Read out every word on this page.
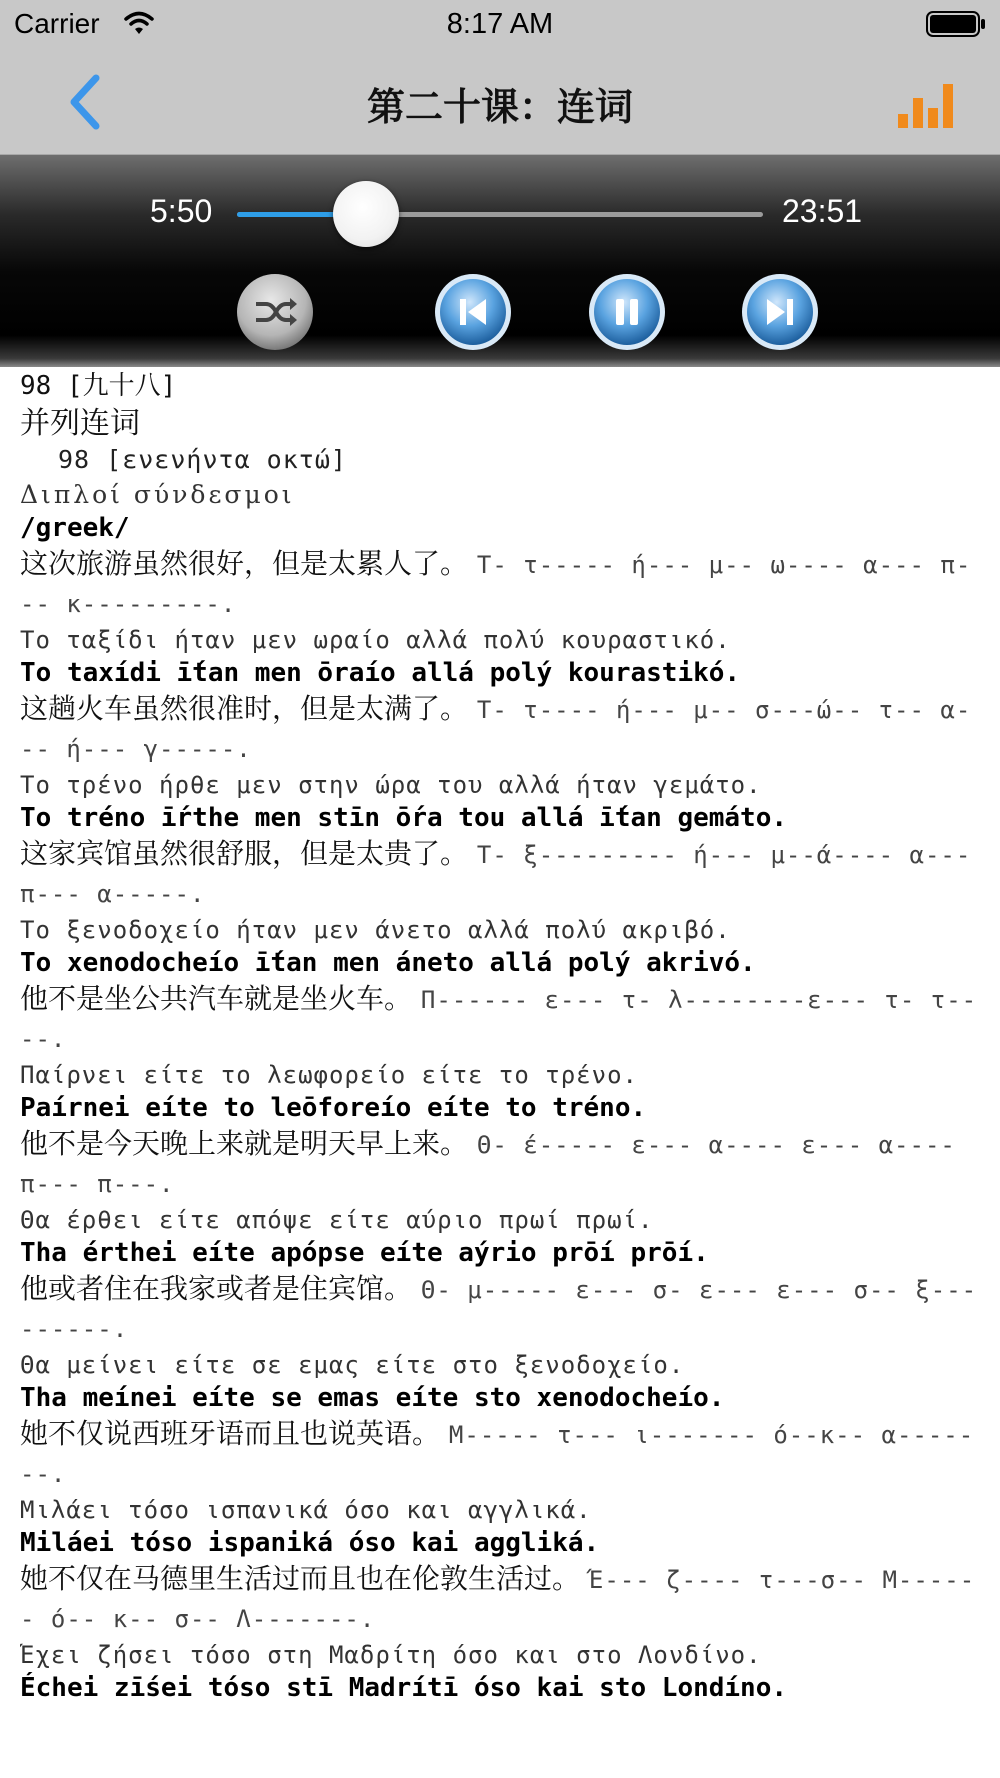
Carrier	8:17 AM
第二十课：连词
5:50	23:51
98 [九十八]
并列连词
98 [ενενήντα οκτώ]
Διπλοί σύνδεσμοι
/greek/
这次旅游虽然很好，但是太累人了。 Τ- τ----- ή--- μ-- ω---- α--- π--- κ---------.
Το ταξίδι ήταν μεν ωραίο αλλά πολύ κουραστικό.
To taxídi ī́tan men ōraío allá polý kourastikó.
这趟火车虽然很准时，但是太满了。 Τ- τ---- ή--- μ-- σ---ώ-- τ-- α--- ή--- γ-----.
Το τρένο ήρθε μεν στην ώρα του αλλά ήταν γεμάτο.
To tréno ī́rthe men stīn ṓra tou allá ī́tan gemáto.
这家宾馆虽然很舒服，但是太贵了。 Τ- ξ--------- ή--- μ--ά---- α--- π--- α-----.
Το ξενοδοχείο ήταν μεν άνετο αλλά πολύ ακριβό.
To xenodocheío ī́tan men áneto allá polý akrivó.
他不是坐公共汽车就是坐火车。 Π------ ε--- τ- λ--------ε--- τ- τ----.
Παίρνει είτε το λεωφορείο είτε το τρένο.
Paírnei eíte to leōforeío eíte to tréno.
他不是今天晚上来就是明天早上来。 Θ- έ----- ε--- α---- ε--- α---- π--- π---.
Θα έρθει είτε απόψε είτε αύριο πρωί πρωί.
Tha érthei eíte apópse eíte aýrio prōí prōí.
他或者住在我家或者是住宾馆。 Θ- μ----- ε--- σ- ε--- ε--- σ-- ξ---------.
Θα μείνει είτε σε εμας είτε στο ξενοδοχείο.
Tha meínei eíte se emas eíte sto xenodocheío.
她不仅说西班牙语而且也说英语。 Μ----- τ--- ι------- ό--κ-- α-------.
Μιλάει τόσο ισπανικά όσο και αγγλικά.
Miláei tóso ispaniká óso kai aggliká.
她不仅在马德里生活过而且也在伦敦生活过。 Έ--- ζ---- τ---σ-- Μ------ ό-- κ-- σ-- Λ-------.
Έχει ζήσει τόσο στη Μαδρίτη όσο και στο Λονδίνο.
Échei zī́sei tóso stī Madrítī óso kai sto Londíno.
